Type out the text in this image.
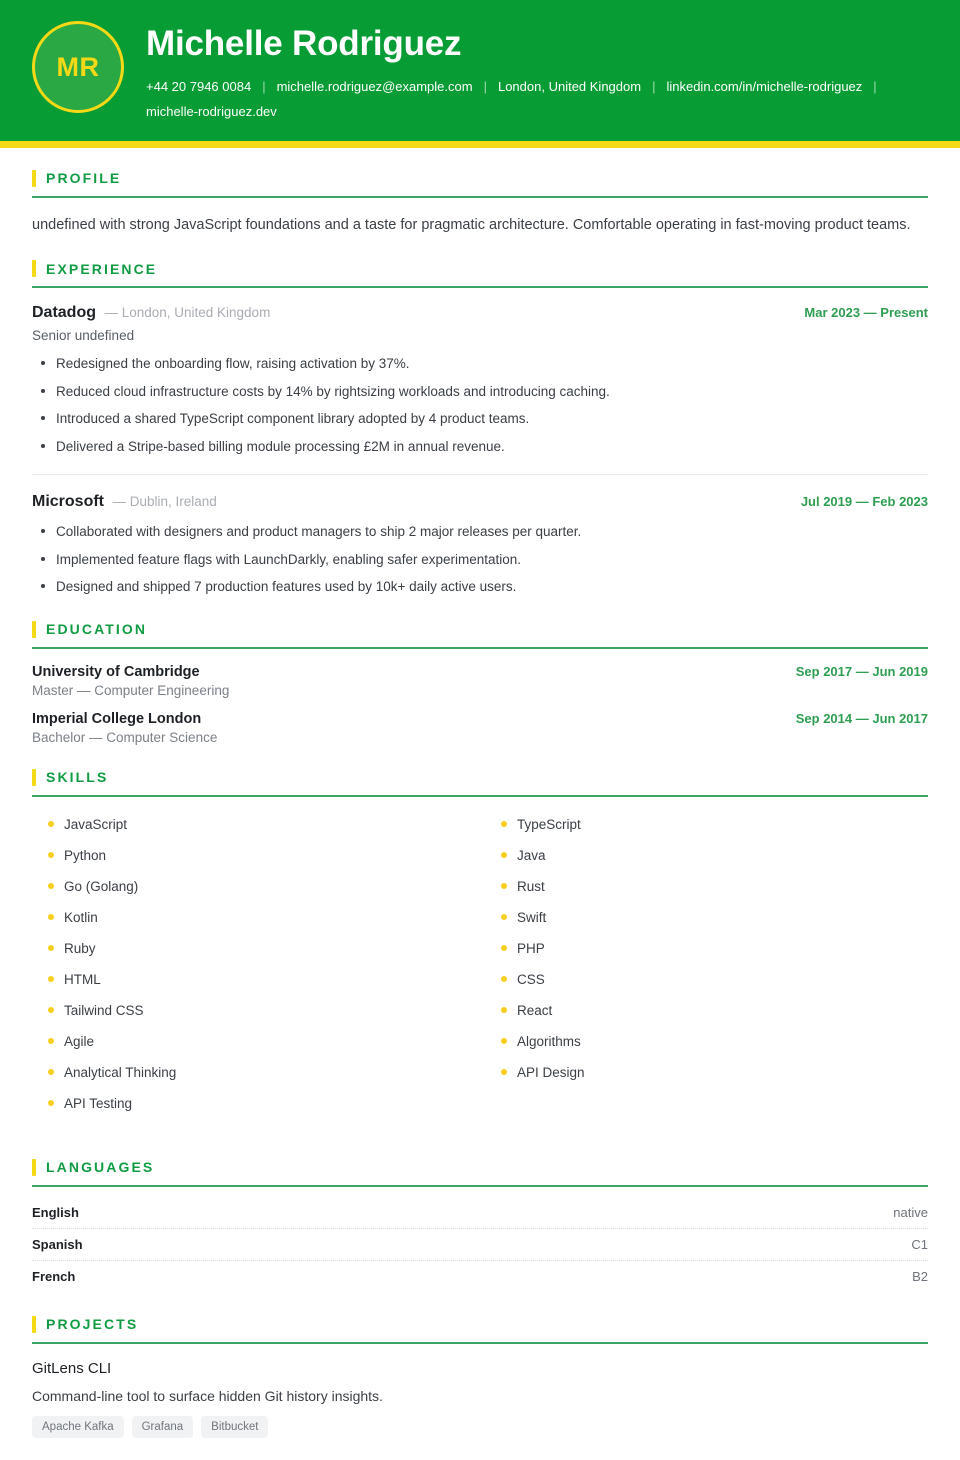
MR
Michelle Rodriguez
+44 20 7946 0084 | michelle.rodriguez@example.com | London, United Kingdom | linkedin.com/in/michelle-rodriguez |
michelle-rodriguez.dev
PROFILE

undefined with strong JavaScript foundations and a taste for pragmatic architecture. Comfortable operating in fast-moving product teams.

EXPERIENCE
Datadog — London, United Kingdom	Mar 2023 — Present
Senior undefined
Redesigned the onboarding flow, raising activation by 37%.
Reduced cloud infrastructure costs by 14% by rightsizing workloads and introducing caching.
Introduced a shared TypeScript component library adopted by 4 product teams.
Delivered a Stripe-based billing module processing £2M in annual revenue.
Microsoft — Dublin, Ireland	Jul 2019 — Feb 2023
Collaborated with designers and product managers to ship 2 major releases per quarter.
Implemented feature flags with LaunchDarkly, enabling safer experimentation.
Designed and shipped 7 production features used by 10k+ daily active users.
EDUCATION
University of Cambridge	Sep 2017 — Jun 2019
Master — Computer Engineering
Imperial College London	Sep 2014 — Jun 2017
Bachelor — Computer Science
SKILLS
JavaScript
Python
Go (Golang)
Kotlin
Ruby
HTML
Tailwind CSS
Agile
Analytical Thinking
API Testing
TypeScript
Java
Rust
Swift
PHP
CSS
React
Algorithms
API Design
LANGUAGES
English	native
Spanish	C1
French	B2
PROJECTS
GitLens CLI
Command-line tool to surface hidden Git history insights.
Apache Kafka	Grafana	Bitbucket
